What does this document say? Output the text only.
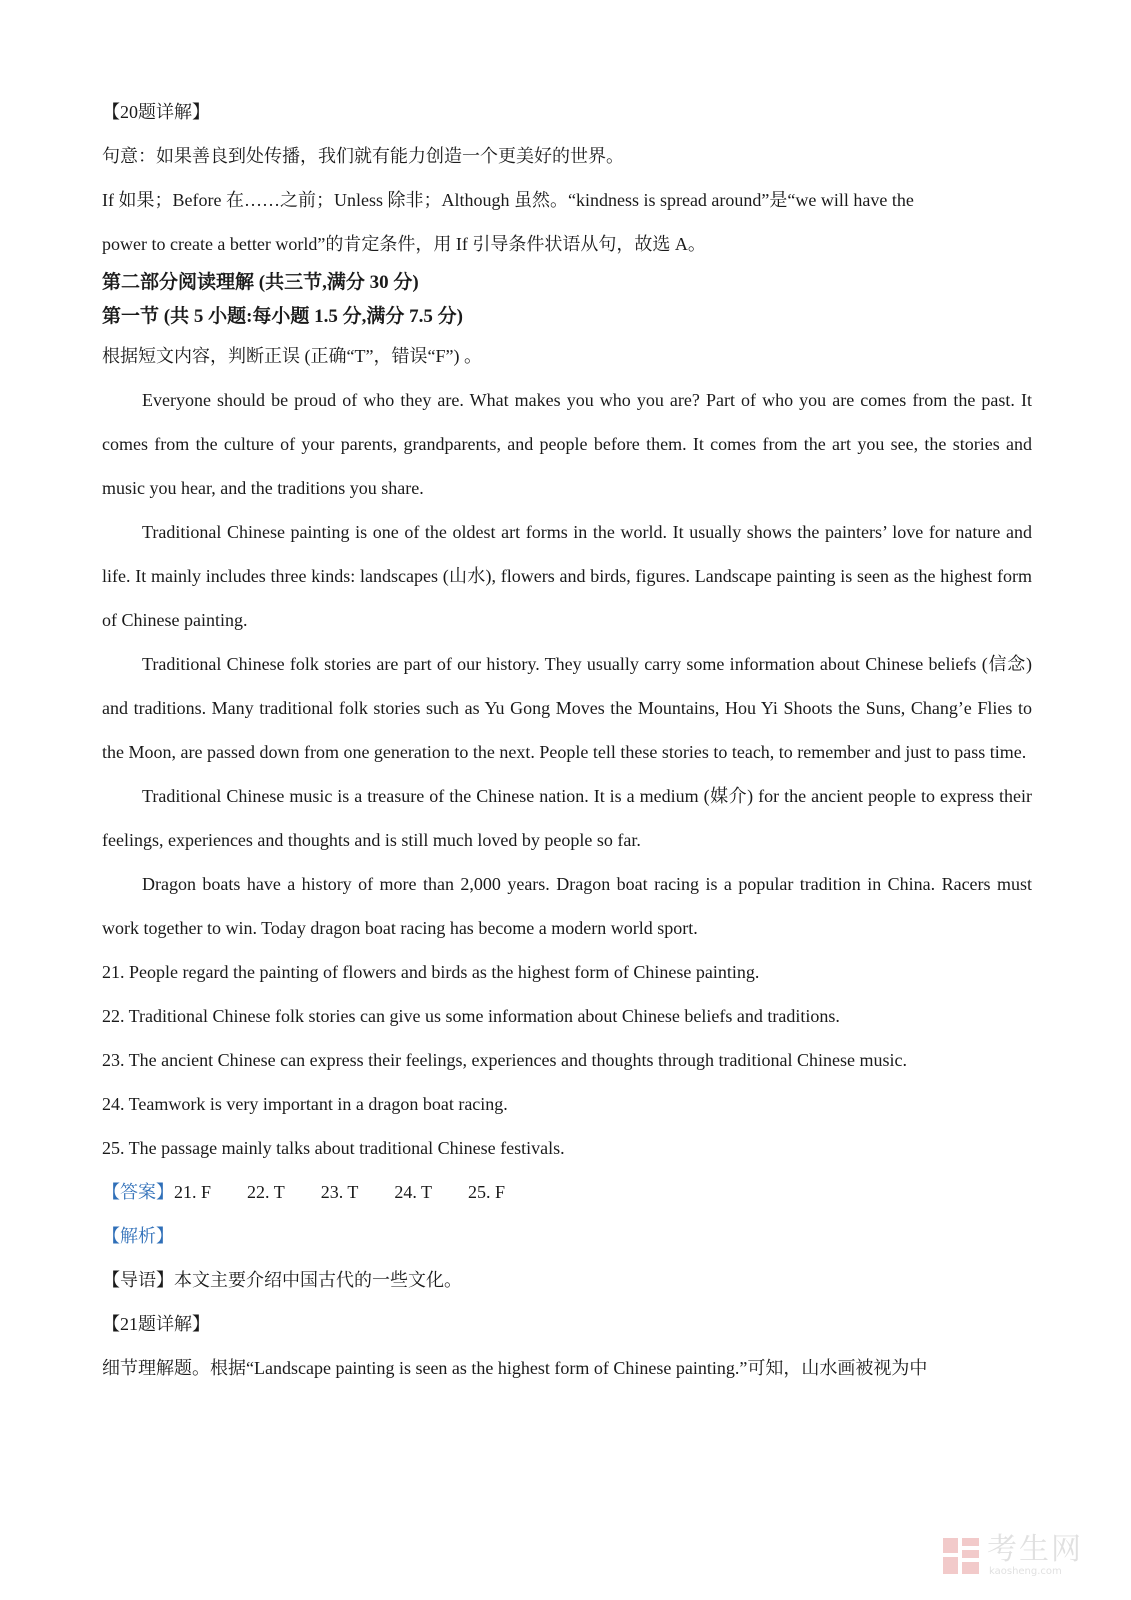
【20题详解】
句意：如果善良到处传播，我们就有能力创造一个更美好的世界。
If 如果；Before 在……之前；Unless 除非；Although 虽然。“kindness is spread around”是“we will have the
power to create a better world”的肯定条件，用 If 引导条件状语从句，故选 A。
第二部分阅读理解 (共三节,满分 30 分)
第一节 (共 5 小题:每小题 1.5 分,满分 7.5 分)
根据短文内容，判断正误 (正确“T”，错误“F”) 。

Everyone should be proud of who they are. What makes you who you are? Part of who you are comes from the past. It comes from the culture of your parents, grandparents, and people before them. It comes from the art you see, the stories and music you hear, and the traditions you share.

Traditional Chinese painting is one of the oldest art forms in the world. It usually shows the painters’ love for nature and life. It mainly includes three kinds: landscapes (山水), flowers and birds, figures. Landscape painting is seen as the highest form of Chinese painting.

Traditional Chinese folk stories are part of our history. They usually carry some information about Chinese beliefs (信念) and traditions. Many traditional folk stories such as Yu Gong Moves the Mountains, Hou Yi Shoots the Suns, Chang’e Flies to the Moon, are passed down from one generation to the next. People tell these stories to teach, to remember and just to pass time.

Traditional Chinese music is a treasure of the Chinese nation. It is a medium (媒介) for the ancient people to express their feelings, experiences and thoughts and is still much loved by people so far.

Dragon boats have a history of more than 2,000 years. Dragon boat racing is a popular tradition in China. Racers must work together to win. Today dragon boat racing has become a modern world sport.

21. People regard the painting of flowers and birds as the highest form of Chinese painting.
22. Traditional Chinese folk stories can give us some information about Chinese beliefs and traditions.
23. The ancient Chinese can express their feelings, experiences and thoughts through traditional Chinese music.
24. Teamwork is very important in a dragon boat racing.
25. The passage mainly talks about traditional Chinese festivals.
【答案】21. F 22. T 23. T 24. T 25. F
【解析】
【导语】本文主要介绍中国古代的一些文化。
【21题详解】
细节理解题。根据“Landscape painting is seen as the highest form of Chinese painting.”可知，山水画被视为中
考生网
kaosheng.com
